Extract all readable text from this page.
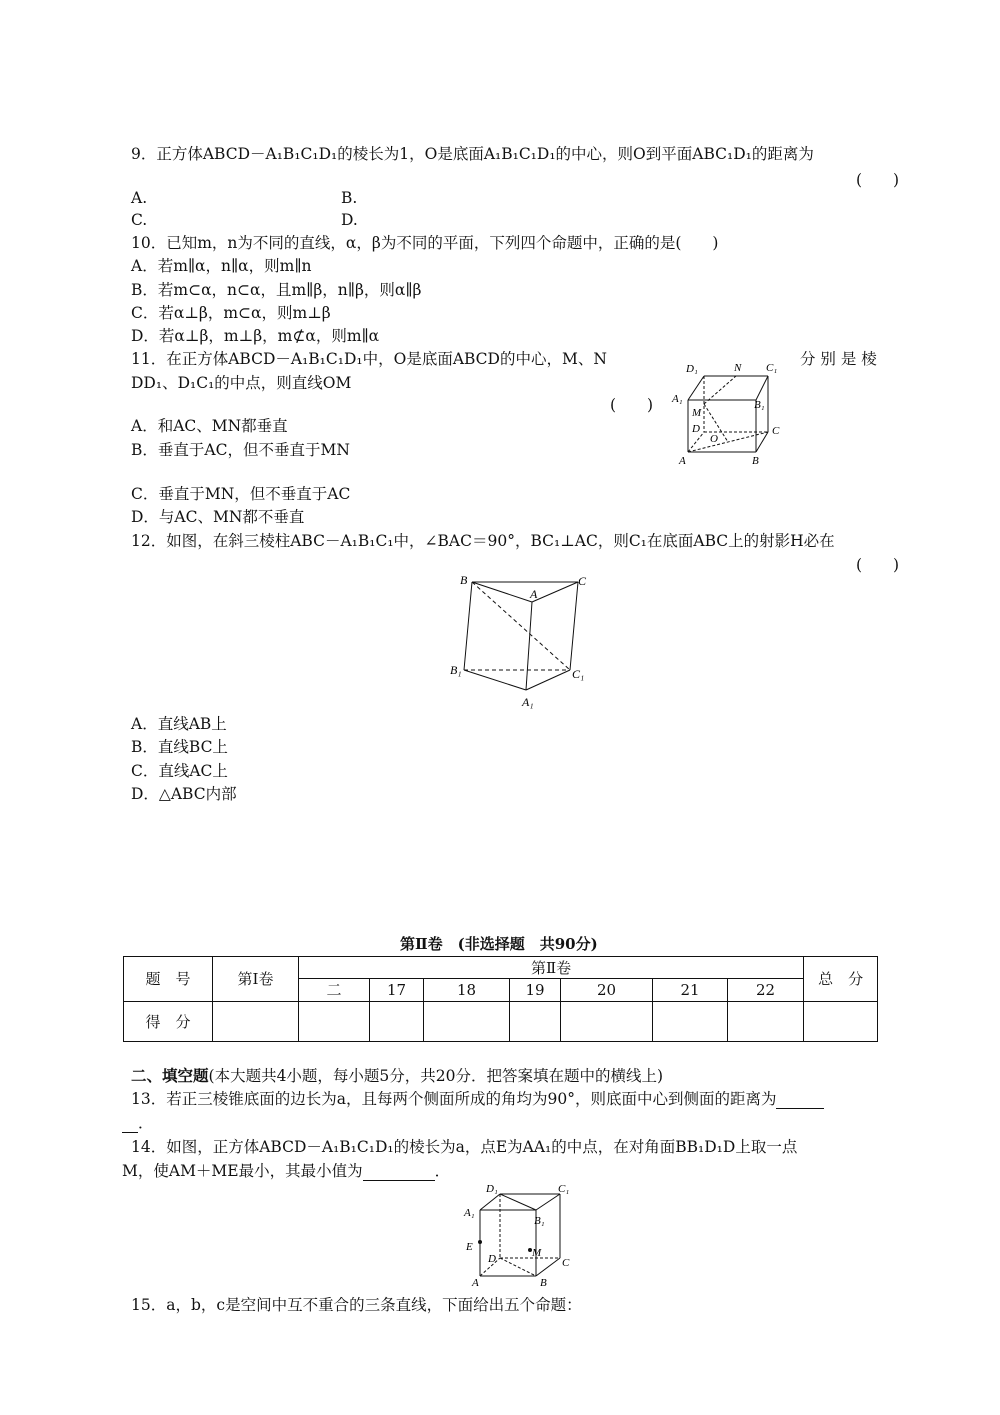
9．正方体ABCD－A₁B₁C₁D₁的棱长为1，O是底面A₁B₁C₁D₁的中心，则O到平面ABC₁D₁的距离为
(　　)
A.	B.
C.	D.
10．已知m，n为不同的直线，α，β为不同的平面，下列四个命题中，正确的是(　　)
A．若m∥α，n∥α，则m∥n
B．若m⊂α，n⊂α，且m∥β，n∥β，则α∥β
C．若α⊥β，m⊂α，则m⊥β
D．若α⊥β，m⊥β，m⊄α，则m∥α
11．在正方体ABCD－A₁B₁C₁D₁中，O是底面ABCD的中心，M、N	分 别 是 棱
DD₁、D₁C₁的中点，则直线OM
(　　)
A．和AC、MN都垂直
B．垂直于AC，但不垂直于MN
C．垂直于MN，但不垂直于AC
D．与AC、MN都不垂直
D₁	N C₁
A₁	B₁
M
D
O
C
A	B
12．如图，在斜三棱柱ABC－A₁B₁C₁中，∠BAC＝90°，BC₁⊥AC，则C₁在底面ABC上的射影H必在
(　　)
B
A
C
B₁	C₁
A₁
A．直线AB上
B．直线BC上
C．直线AC上
D．△ABC内部
第Ⅱ卷　(非选择题　共90分)
题　号	第Ⅰ卷	第Ⅱ卷							总　分
		二	17	18	19	20	21	22	
得　分									
二、填空题(本大题共4小题，每小题5分，共20分．把答案填在题中的横线上)
13．若正三棱锥底面的边长为a，且每两个侧面所成的角均为90°，则底面中心到侧面的距离为
．
14．如图，正方体ABCD－A₁B₁C₁D₁的棱长为a，点E为AA₁的中点，在对角面BB₁D₁D上取一点
M，使AM＋ME最小，其最小值为	．
D₁	C₁
A₁
B₁
E
D	M
C
A	B
15．a，b，c是空间中互不重合的三条直线，下面给出五个命题：
